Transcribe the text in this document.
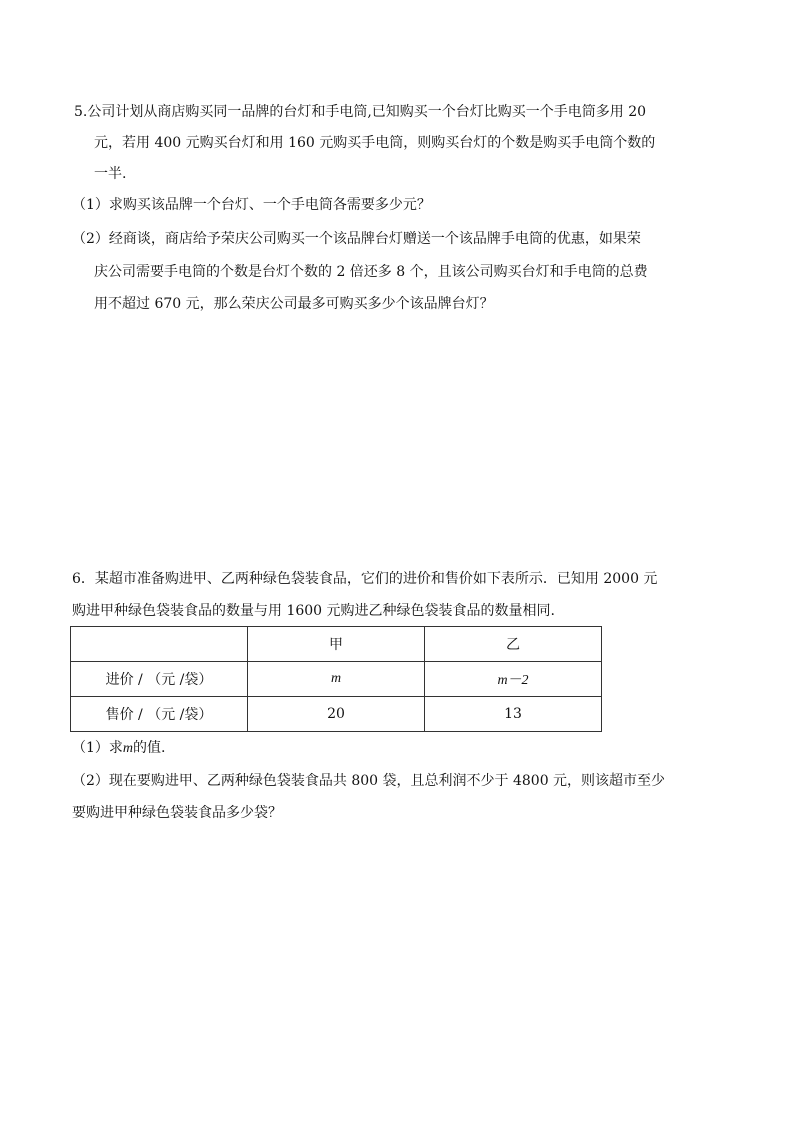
5.公司计划从商店购买同一品牌的台灯和手电筒,已知购买一个台灯比购买一个手电筒多用 20
元，若用 400 元购买台灯和用 160 元购买手电筒，则购买台灯的个数是购买手电筒个数的
一半.
（1）求购买该品牌一个台灯、一个手电筒各需要多少元？
（2）经商谈，商店给予荣庆公司购买一个该品牌台灯赠送一个该品牌手电筒的优惠，如果荣
庆公司需要手电筒的个数是台灯个数的 2 倍还多 8 个，且该公司购买台灯和手电筒的总费
用不超过 670 元，那么荣庆公司最多可购买多少个该品牌台灯？
6．某超市准备购进甲、乙两种绿色袋装食品，它们的进价和售价如下表所示．已知用 2000 元
购进甲种绿色袋装食品的数量与用 1600 元购进乙种绿色袋装食品的数量相同.
	甲	乙
进价 / （元 /袋）	m	m－2
售价 / （元 /袋）	20	13
（1）求m的值.
（2）现在要购进甲、乙两种绿色袋装食品共 800 袋，且总利润不少于 4800 元，则该超市至少
要购进甲种绿色袋装食品多少袋？
